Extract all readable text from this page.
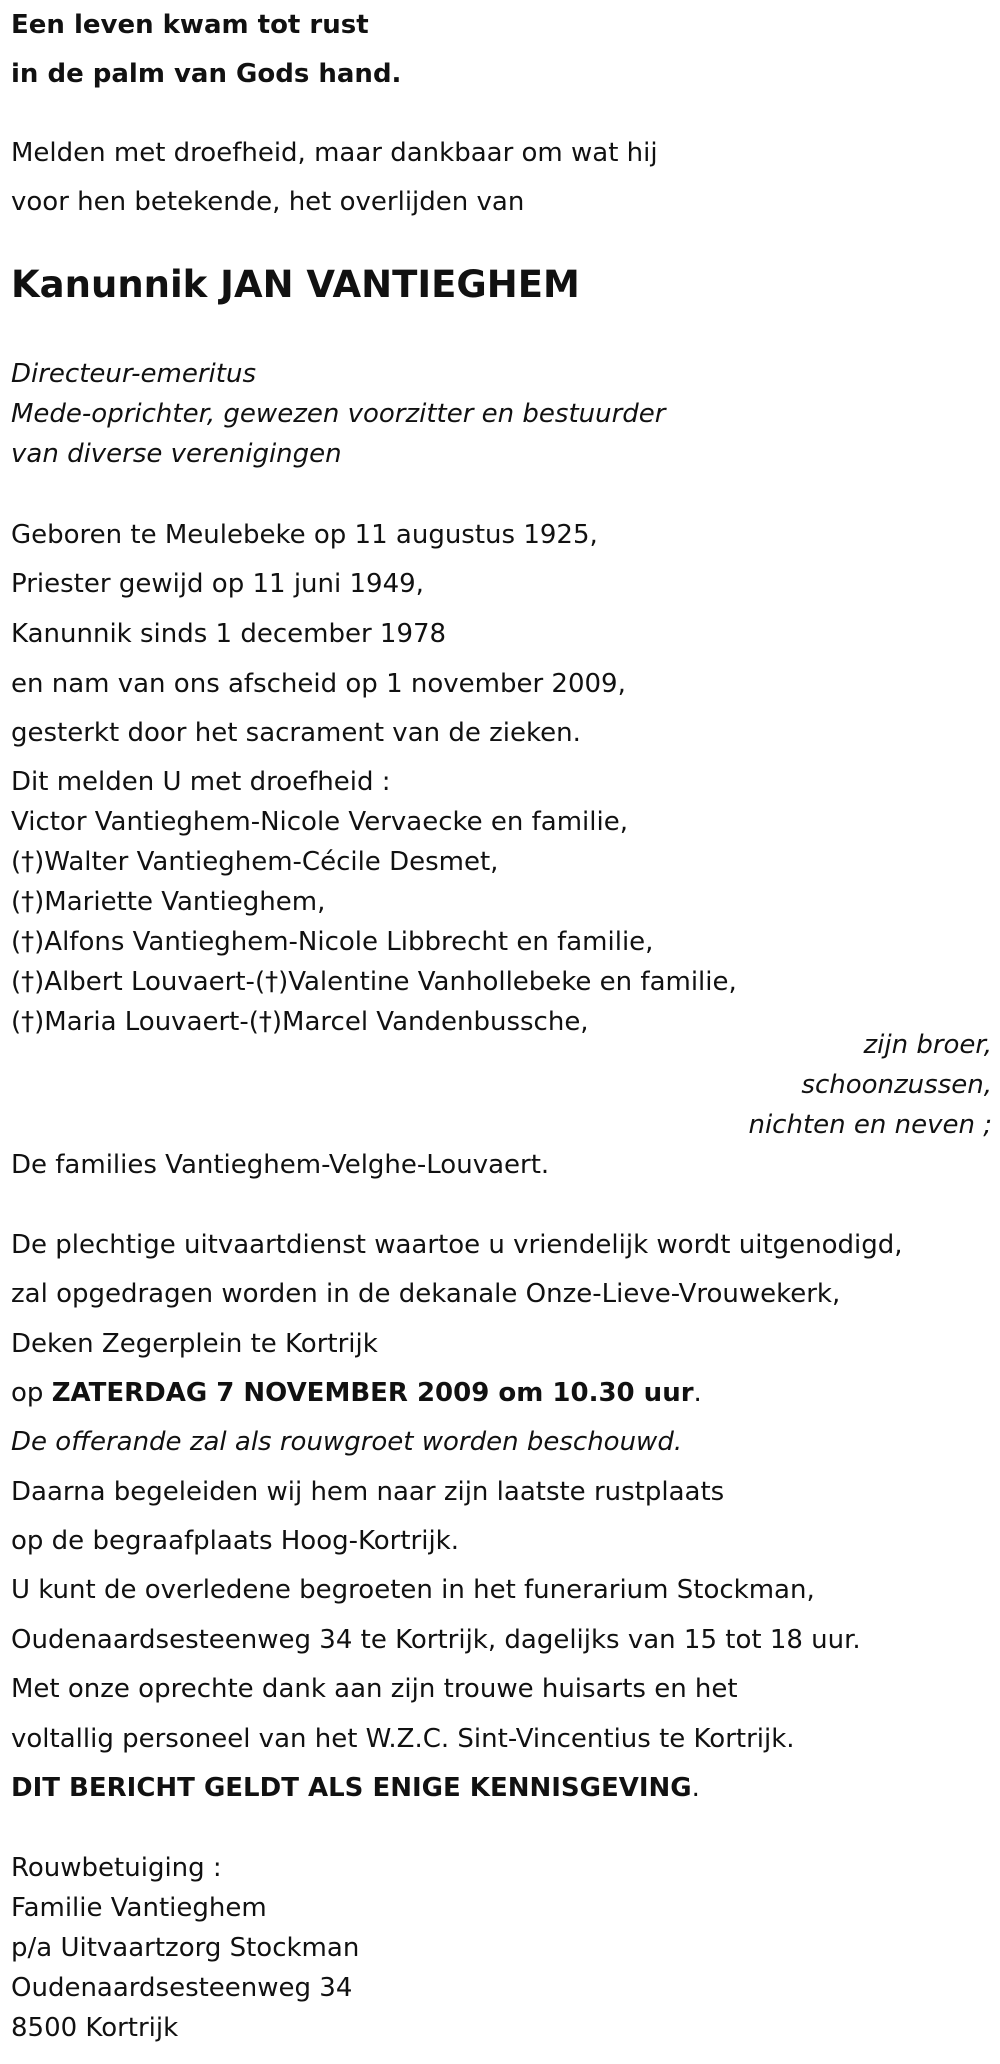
Een leven kwam tot rust

in de palm van Gods hand.

Melden met droefheid, maar dankbaar om wat hij

voor hen betekende, het overlijden van

Kanunnik JAN VANTIEGHEM

Directeur-emeritus

Mede-oprichter, gewezen voorzitter en bestuurder

van diverse verenigingen

Geboren te Meulebeke op 11 augustus 1925,

Priester gewijd op 11 juni 1949,

Kanunnik sinds 1 december 1978

en nam van ons afscheid op 1 november 2009,

gesterkt door het sacrament van de zieken.

Dit melden U met droefheid :

Victor Vantieghem-Nicole Vervaecke en familie,

(†)Walter Vantieghem-Cécile Desmet,

(†)Mariette Vantieghem,

(†)Alfons Vantieghem-Nicole Libbrecht en familie,

(†)Albert Louvaert-(†)Valentine Vanhollebeke en familie,

(†)Maria Louvaert-(†)Marcel Vandenbussche,

zijn broer,

schoonzussen,

nichten en neven ;

De families Vantieghem-Velghe-Louvaert.

De plechtige uitvaartdienst waartoe u vriendelijk wordt uitgenodigd,

zal opgedragen worden in de dekanale Onze-Lieve-Vrouwekerk,

Deken Zegerplein te Kortrijk

op ZATERDAG 7 NOVEMBER 2009 om 10.30 uur.

De offerande zal als rouwgroet worden beschouwd.

Daarna begeleiden wij hem naar zijn laatste rustplaats

op de begraafplaats Hoog-Kortrijk.

U kunt de overledene begroeten in het funerarium Stockman,

Oudenaardsesteenweg 34 te Kortrijk, dagelijks van 15 tot 18 uur.

Met onze oprechte dank aan zijn trouwe huisarts en het

voltallig personeel van het W.Z.C. Sint-Vincentius te Kortrijk.

DIT BERICHT GELDT ALS ENIGE KENNISGEVING.

Rouwbetuiging :

Familie Vantieghem

p/a Uitvaartzorg Stockman

Oudenaardsesteenweg 34

8500 Kortrijk
